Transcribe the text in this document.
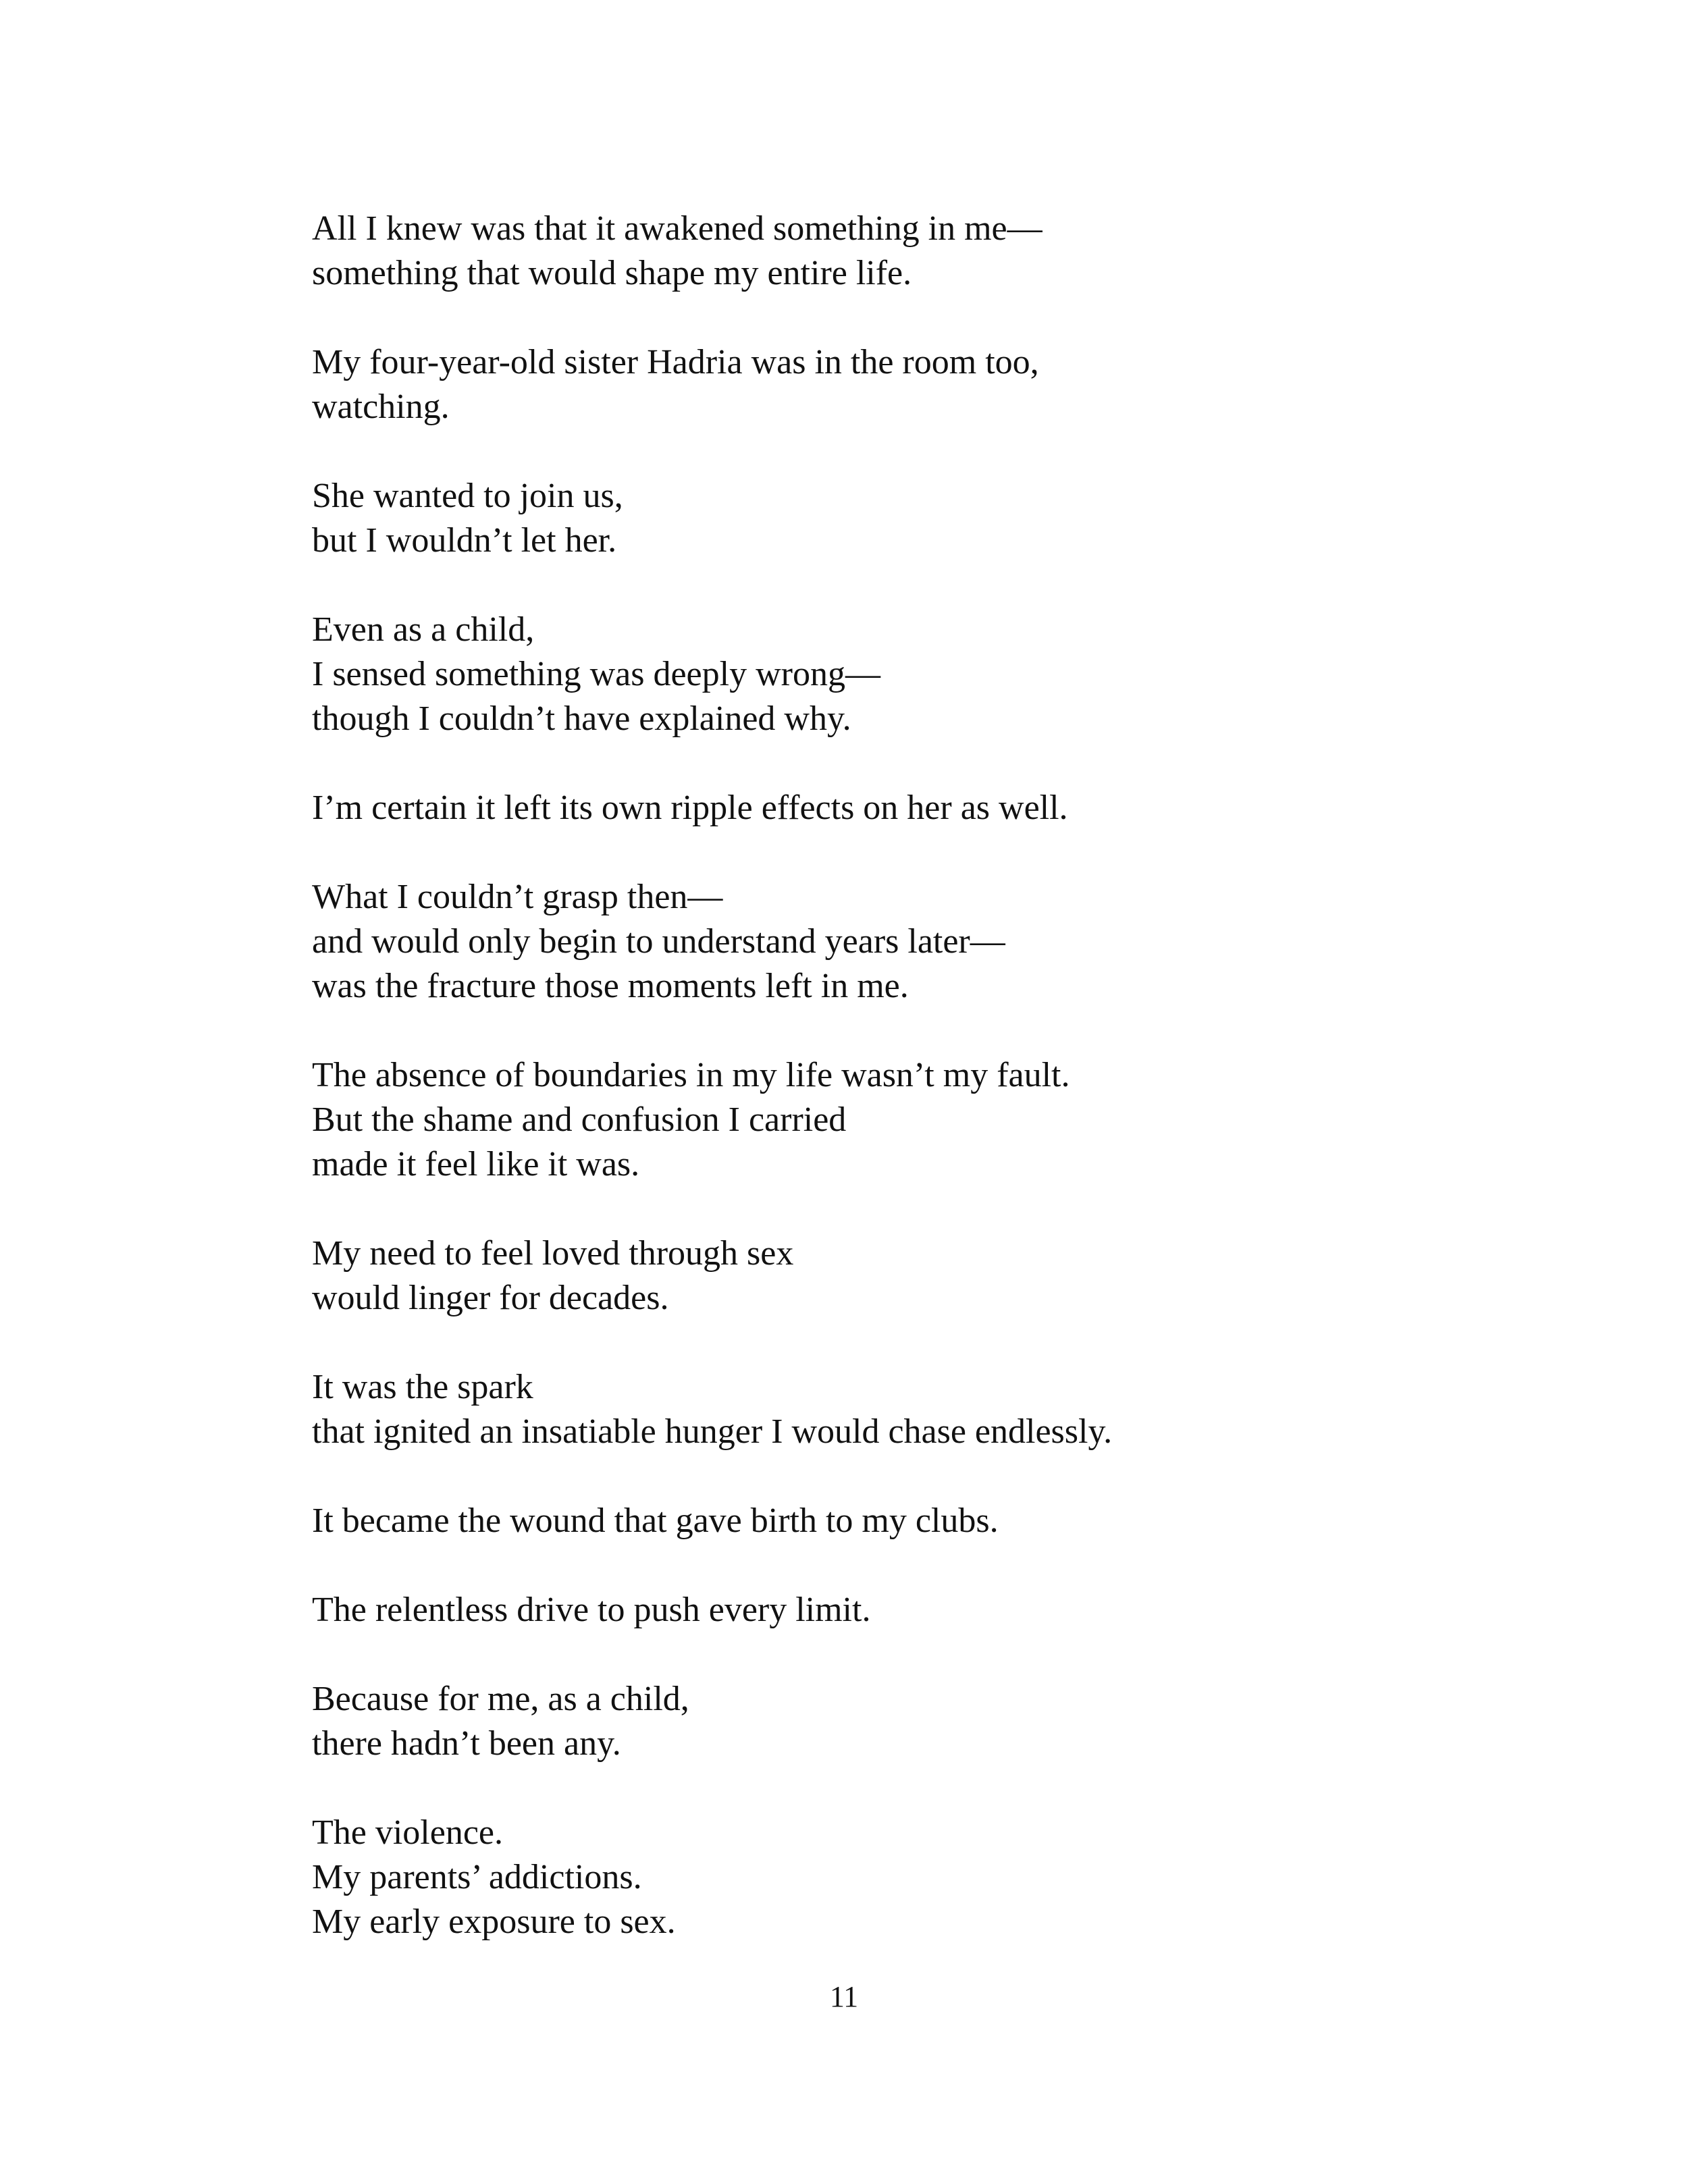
All I knew was that it awakened something in me—
something that would shape my entire life.
My four-year-old sister Hadria was in the room too,
watching.
She wanted to join us,
but I wouldn’t let her.
Even as a child,
I sensed something was deeply wrong—
though I couldn’t have explained why.
I’m certain it left its own ripple effects on her as well.
What I couldn’t grasp then—
and would only begin to understand years later—
was the fracture those moments left in me.
The absence of boundaries in my life wasn’t my fault.
But the shame and confusion I carried
made it feel like it was.
My need to feel loved through sex
would linger for decades.
It was the spark
that ignited an insatiable hunger I would chase endlessly.
It became the wound that gave birth to my clubs.
The relentless drive to push every limit.
Because for me, as a child,
there hadn’t been any.
The violence.
My parents’ addictions.
My early exposure to sex.
11
